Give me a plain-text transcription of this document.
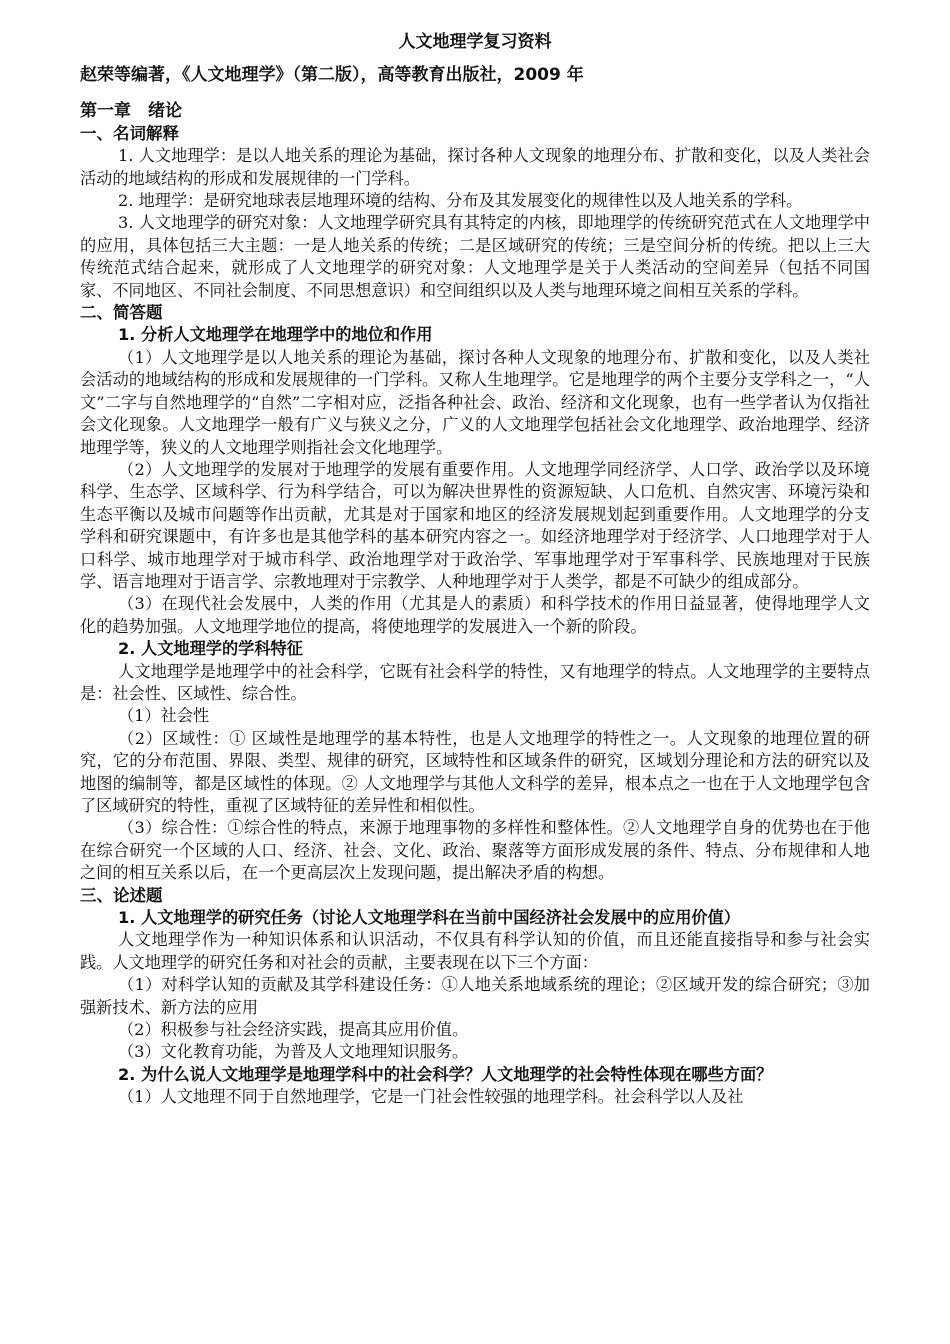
人文地理学复习资料
赵荣等编著，《人文地理学》（第二版），高等教育出版社，2009 年
第一章　绪论
一、名词解释

1. 人文地理学：是以人地关系的理论为基础，探讨各种人文现象的地理分布、扩散和变化，以及人类社会活动的地域结构的形成和发展规律的一门学科。

2. 地理学：是研究地球表层地理环境的结构、分布及其发展变化的规律性以及人地关系的学科。

3. 人文地理学的研究对象：人文地理学研究具有其特定的内核，即地理学的传统研究范式在人文地理学中的应用，具体包括三大主题：一是人地关系的传统；二是区域研究的传统；三是空间分析的传统。把以上三大传统范式结合起来，就形成了人文地理学的研究对象：人文地理学是关于人类活动的空间差异（包括不同国家、不同地区、不同社会制度、不同思想意识）和空间组织以及人类与地理环境之间相互关系的学科。

二、简答题
1. 分析人文地理学在地理学中的地位和作用

（1）人文地理学是以人地关系的理论为基础，探讨各种人文现象的地理分布、扩散和变化，以及人类社会活动的地域结构的形成和发展规律的一门学科。又称人生地理学。它是地理学的两个主要分支学科之一，“人文”二字与自然地理学的“自然”二字相对应，泛指各种社会、政治、经济和文化现象，也有一些学者认为仅指社会文化现象。人文地理学一般有广义与狭义之分，广义的人文地理学包括社会文化地理学、政治地理学、经济地理学等，狭义的人文地理学则指社会文化地理学。

（2）人文地理学的发展对于地理学的发展有重要作用。人文地理学同经济学、人口学、政治学以及环境科学、生态学、区域科学、行为科学结合，可以为解决世界性的资源短缺、人口危机、自然灾害、环境污染和生态平衡以及城市问题等作出贡献，尤其是对于国家和地区的经济发展规划起到重要作用。人文地理学的分支学科和研究课题中，有许多也是其他学科的基本研究内容之一。如经济地理学对于经济学、人口地理学对于人口科学、城市地理学对于城市科学、政治地理学对于政治学、军事地理学对于军事科学、民族地理对于民族学、语言地理对于语言学、宗教地理对于宗教学、人种地理学对于人类学，都是不可缺少的组成部分。

（3）在现代社会发展中，人类的作用（尤其是人的素质）和科学技术的作用日益显著，使得地理学人文化的趋势加强。人文地理学地位的提高，将使地理学的发展进入一个新的阶段。

2. 人文地理学的学科特征

人文地理学是地理学中的社会科学，它既有社会科学的特性，又有地理学的特点。人文地理学的主要特点是：社会性、区域性、综合性。

（1）社会性

（2）区域性：① 区域性是地理学的基本特性，也是人文地理学的特性之一。人文现象的地理位置的研究，它的分布范围、界限、类型、规律的研究，区域特性和区域条件的研究，区域划分理论和方法的研究以及地图的编制等，都是区域性的体现。② 人文地理学与其他人文科学的差异，根本点之一也在于人文地理学包含了区域研究的特性，重视了区域特征的差异性和相似性。

（3）综合性：①综合性的特点，来源于地理事物的多样性和整体性。②人文地理学自身的优势也在于他在综合研究一个区域的人口、经济、社会、文化、政治、聚落等方面形成发展的条件、特点、分布规律和人地之间的相互关系以后，在一个更高层次上发现问题，提出解决矛盾的构想。

三、论述题
1. 人文地理学的研究任务（讨论人文地理学科在当前中国经济社会发展中的应用价值）

人文地理学作为一种知识体系和认识活动，不仅具有科学认知的价值，而且还能直接指导和参与社会实践。人文地理学的研究任务和对社会的贡献，主要表现在以下三个方面：

（1）对科学认知的贡献及其学科建设任务：①人地关系地域系统的理论；②区域开发的综合研究；③加强新技术、新方法的应用

（2）积极参与社会经济实践，提高其应用价值。

（3）文化教育功能，为普及人文地理知识服务。

2. 为什么说人文地理学是地理学科中的社会科学？人文地理学的社会特性体现在哪些方面？

（1）人文地理不同于自然地理学，它是一门社会性较强的地理学科。社会科学以人及社
